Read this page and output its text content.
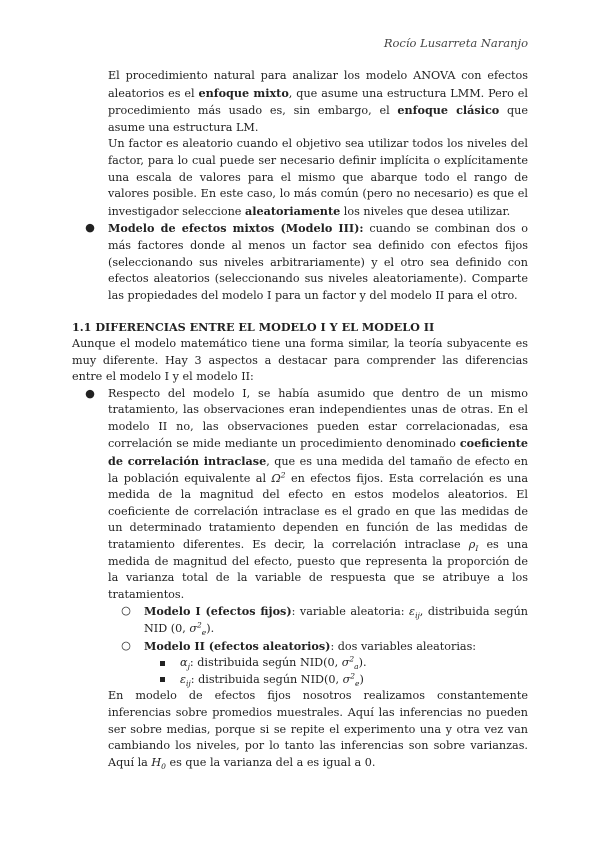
Rocío Lusarreta Naranjo

El procedimiento natural para analizar los modelo ANOVA con efectos aleatorios es el enfoque mixto, que asume una estructura LMM. Pero el procedimiento más usado es, sin embargo, el enfoque clásico que asume una estructura LM.

Un factor es aleatorio cuando el objetivo sea utilizar todos los niveles del factor, para lo cual puede ser necesario definir implícita o explícitamente una escala de valores para el mismo que abarque todo el rango de valores posible. En este caso, lo más común (pero no necesario) es que el investigador seleccione aleatoriamente los niveles que desea utilizar.

●	Modelo de efectos mixtos (Modelo III): cuando se combinan dos o más factores donde al menos un factor sea definido con efectos fijos (seleccionando sus niveles arbitrariamente) y el otro sea definido con efectos aleatorios (seleccionando sus niveles aleatoriamente). Comparte las propiedades del modelo I para un factor y del modelo II para el otro.

1.1 DIFERENCIAS ENTRE EL MODELO I Y EL MODELO II

Aunque el modelo matemático tiene una forma similar, la teoría subyacente es muy diferente. Hay 3 aspectos a destacar para comprender las diferencias entre el modelo I y el modelo II:

●	Respecto del modelo I, se había asumido que dentro de un mismo tratamiento, las observaciones eran independientes unas de otras. En el modelo II no, las observaciones pueden estar correlacionadas, esa correlación se mide mediante un procedimiento denominado coeficiente de correlación intraclase, que es una medida del tamaño de efecto en la población equivalente al $\Omega^2$ en efectos fijos. Esta correlación es una medida de la magnitud del efecto en estos modelos aleatorios. El coeficiente de correlación intraclase es el grado en que las medidas de un determinado tratamiento dependen en función de las medidas de tratamiento diferentes. Es decir, la correlación intraclase $\rho_I$ es una medida de magnitud del efecto, puesto que representa la proporción de la varianza total de la variable de respuesta que se atribuye a los tratamientos.
○	Modelo I (efectos fijos): variable aleatoria: $\varepsilon_{ij}$, distribuida según NID (0, $\sigma^2_e$).
○	Modelo II (efectos aleatorios): dos variables aleatorias:
$\alpha_j$: distribuida según NID(0, $\sigma^2_a$).
$\varepsilon_{ij}$: distribuida según NID(0, $\sigma^2_e$)

En modelo de efectos fijos nosotros realizamos constantemente inferencias sobre promedios muestrales. Aquí las inferencias no pueden ser sobre medias, porque si se repite el experimento una y otra vez van cambiando los niveles, por lo tanto las inferencias son sobre varianzas. Aquí la $H_0$ es que la varianza del a es igual a 0.
